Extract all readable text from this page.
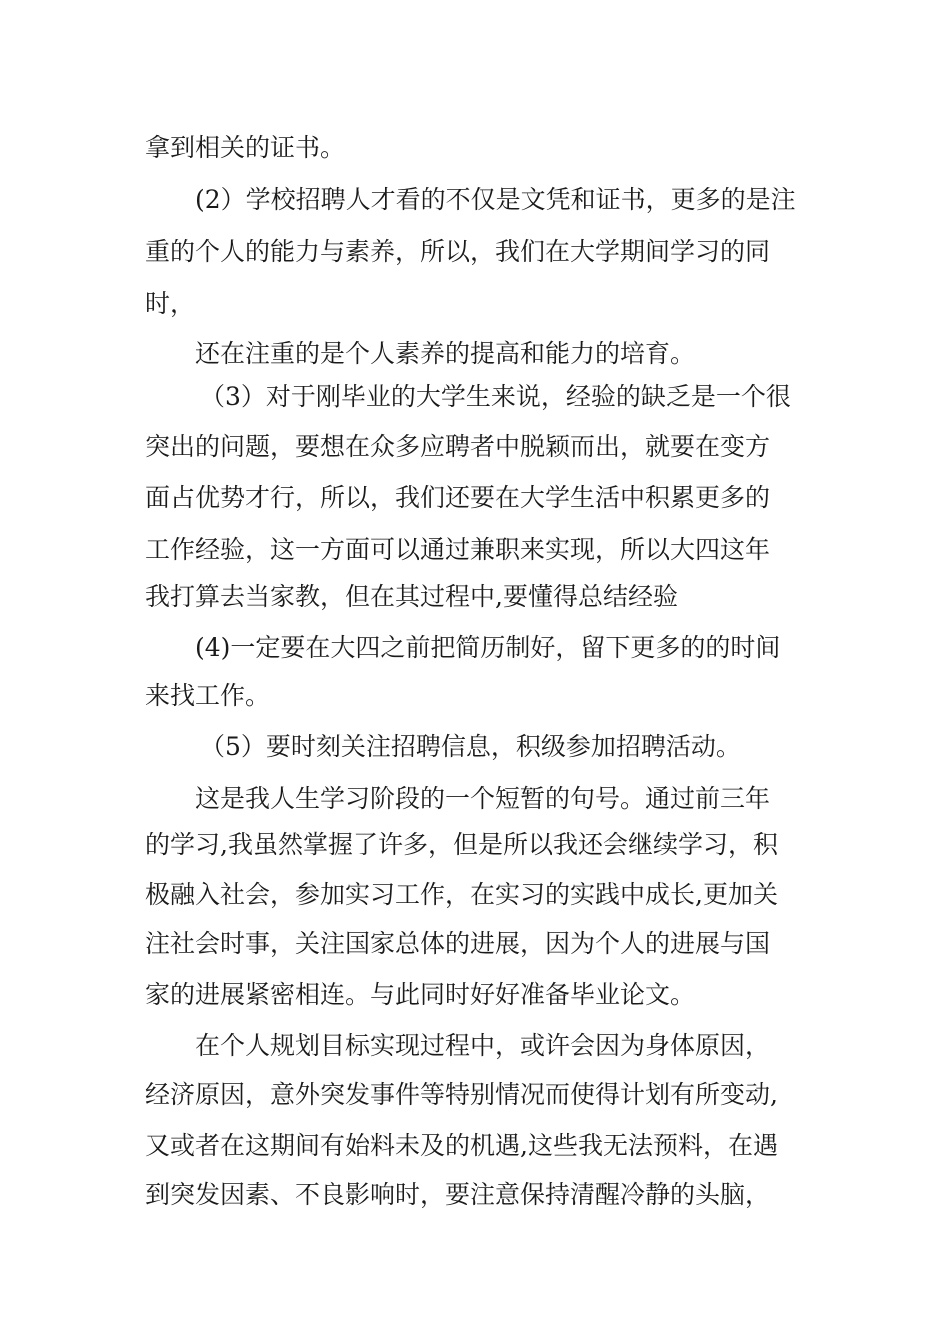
拿到相关的证书。
(2）学校招聘人才看的不仅是文凭和证书，更多的是注
重的个人的能力与素养，所以，我们在大学期间学习的同
时，
还在注重的是个人素养的提高和能力的培育。
（3）对于刚毕业的大学生来说，经验的缺乏是一个很
突出的问题，要想在众多应聘者中脱颖而出，就要在变方
面占优势才行，所以，我们还要在大学生活中积累更多的
工作经验，这一方面可以通过兼职来实现，所以大四这年
我打算去当家教，但在其过程中,要懂得总结经验
(4)一定要在大四之前把简历制好，留下更多的的时间
来找工作。
（5）要时刻关注招聘信息，积级参加招聘活动。
这是我人生学习阶段的一个短暂的句号。通过前三年
的学习,我虽然掌握了许多，但是所以我还会继续学习，积
极融入社会，参加实习工作，在实习的实践中成长,更加关
注社会时事，关注国家总体的进展，因为个人的进展与国
家的进展紧密相连。与此同时好好准备毕业论文。
在个人规划目标实现过程中，或许会因为身体原因，
经济原因，意外突发事件等特别情况而使得计划有所变动,
又或者在这期间有始料未及的机遇,这些我无法预料，在遇
到突发因素、不良影响时，要注意保持清醒冷静的头脑，
